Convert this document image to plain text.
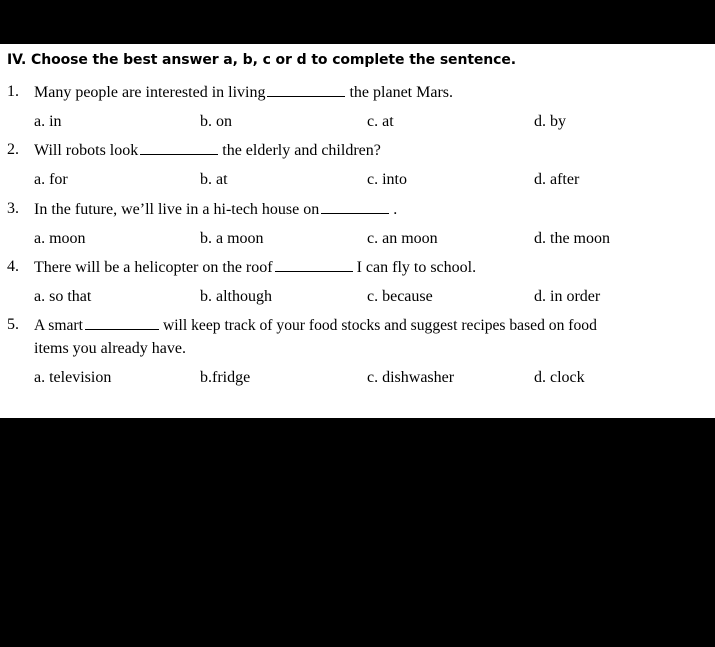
IV. Choose the best answer a, b, c or d to complete the sentence.
1. Many people are interested in living	the planet Mars.
a. in	b. on	c. at	d. by
2. Will robots look	the elderly and children?
a. for	b. at	c. into	d. after
3. In the future, we’ll live in a hi-tech house on	.
a. moon	b. a moon	c. an moon	d. the moon
4. There will be a helicopter on the roof	I can fly to school.
a. so that	b. although	c. because	d. in order
5. A smart	will keep track of your food stocks and suggest recipes based on food
items you already have.
a. television	b.fridge	c. dishwasher	d. clock
